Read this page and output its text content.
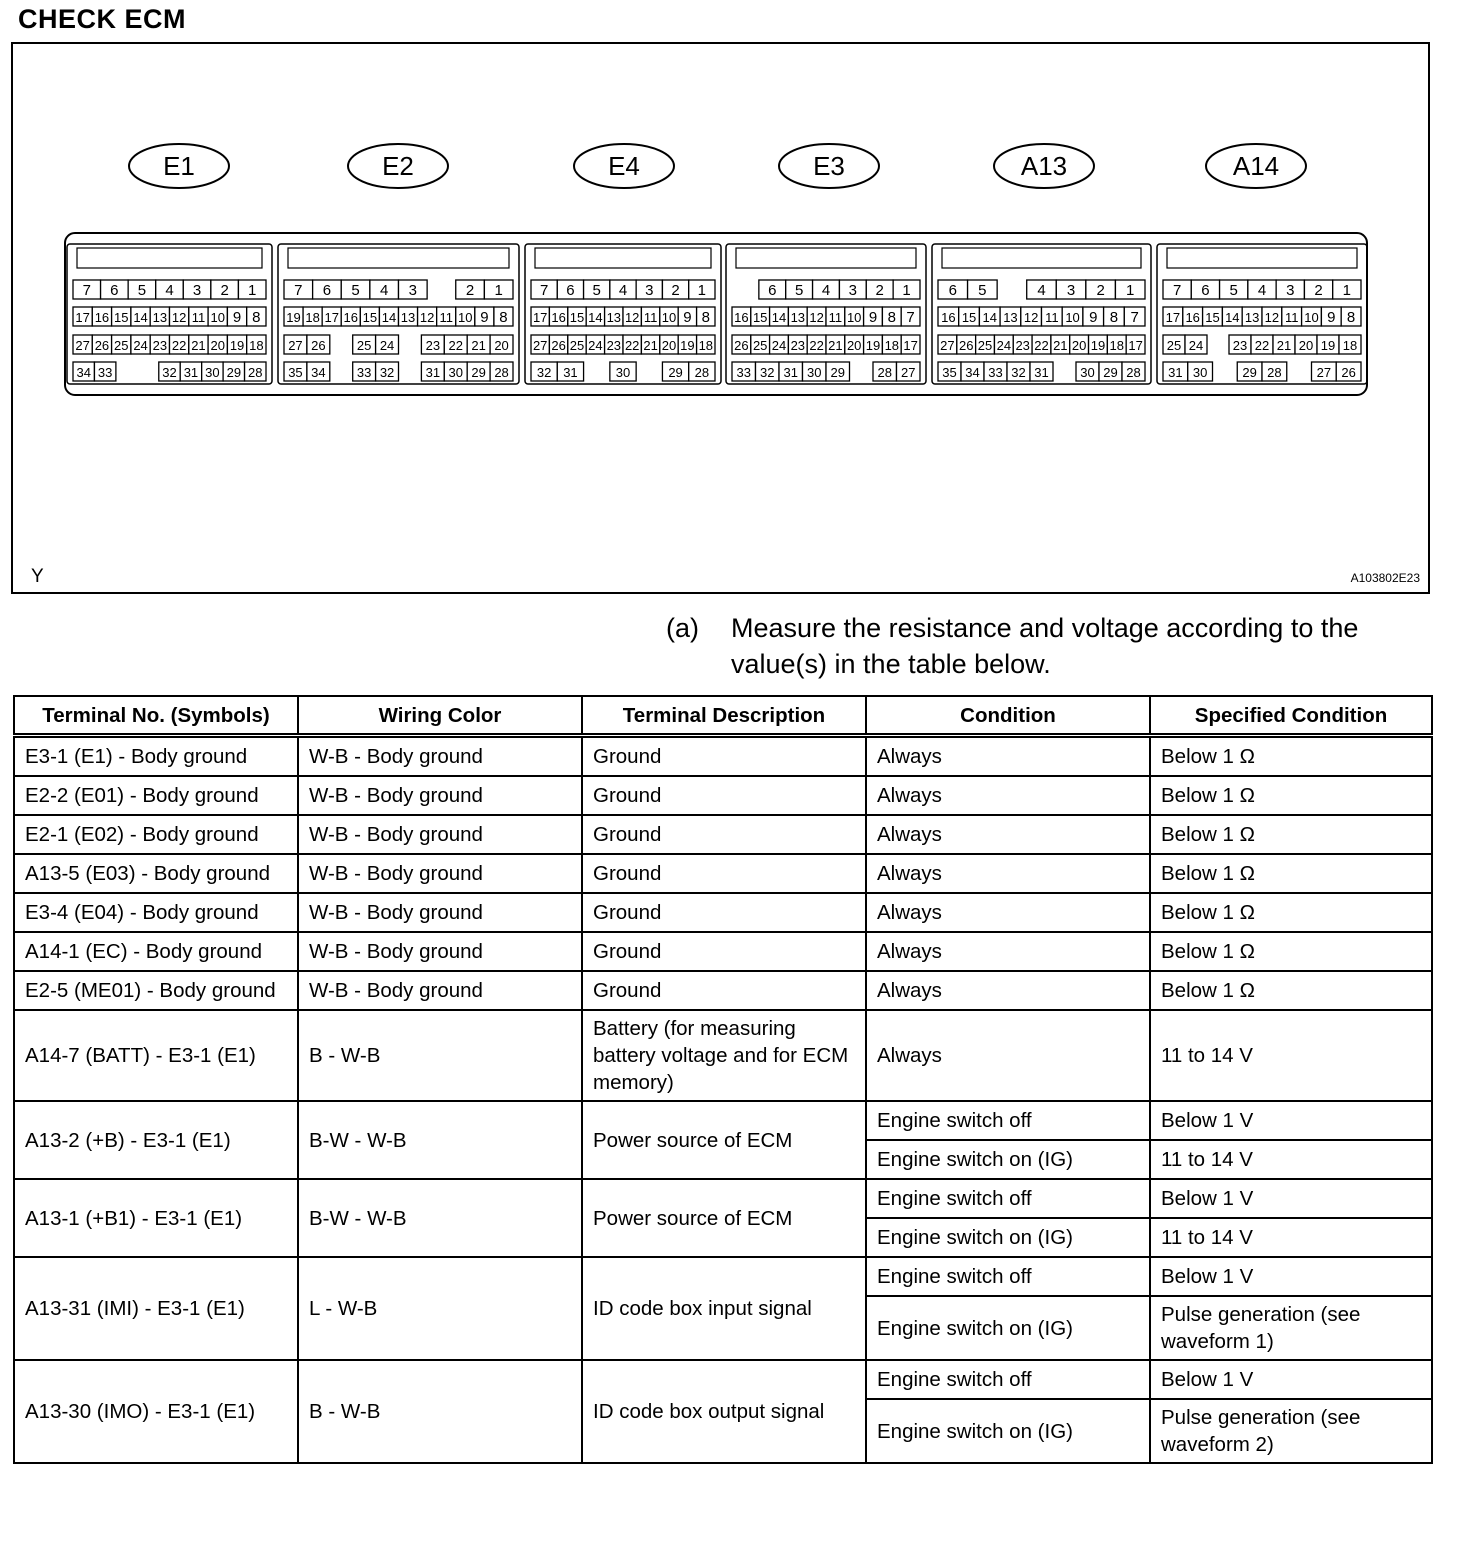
CHECK ECM
E1
7 6 5 4 3 2 1
17 16 15 14 13 12 11 10 9 8
27 26 25 24 23 22 21 20 19 18
34 33	32 31 30 29 28
E2
7 6 5 4 3	2 1
19 18 17 16 15 14 13 12 11 10 9 8
27 26 25 24 23 22 21 20
35 34 33 32 31 30 29 28
E4
7 6 5 4 3 2 1
17 16 15 14 13 12 11 10 9 8
27 26 25 24 23 22 21 20 19 18
32 31	30	29 28
E3
6 5 4 3 2 1
16 15 14 13 12 11 10 9 8 7
26 25 24 23 22 21 20 19 18 17
33 32 31 30 29	28 27
A13
6 5	4 3 2 1
16 15 14 13 12 11 10 9 8 7
27 26 25 24 23 22 21 20 19 18 17
35 34 33 32 31 30 29 28
A14
7 6 5 4 3 2 1
17 16 15 14 13 12 11 10 9 8
25 24 23 22 21 20 19 18
31 30	29 28	27 26
Y	A103802E23
(a) Measure the resistance and voltage according to the value(s) in the table below.
Terminal No. (Symbols)	Wiring Color	Terminal Description	Condition	Specified Condition
E3-1 (E1) - Body ground	W-B - Body ground	Ground	Always	Below 1 Ω
E2-2 (E01) - Body ground	W-B - Body ground	Ground	Always	Below 1 Ω
E2-1 (E02) - Body ground	W-B - Body ground	Ground	Always	Below 1 Ω
A13-5 (E03) - Body ground	W-B - Body ground	Ground	Always	Below 1 Ω
E3-4 (E04) - Body ground	W-B - Body ground	Ground	Always	Below 1 Ω
A14-1 (EC) - Body ground	W-B - Body ground	Ground	Always	Below 1 Ω
E2-5 (ME01) - Body ground	W-B - Body ground	Ground	Always	Below 1 Ω
A14-7 (BATT) - E3-1 (E1)	B - W-B	Battery (for measuring battery voltage and for ECM memory)	Always	11 to 14 V
A13-2 (+B) - E3-1 (E1)	B-W - W-B	Power source of ECM	Engine switch off	Below 1 V
			Engine switch on (IG)	11 to 14 V
A13-1 (+B1) - E3-1 (E1)	B-W - W-B	Power source of ECM	Engine switch off	Below 1 V
			Engine switch on (IG)	11 to 14 V
A13-31 (IMI) - E3-1 (E1)	L - W-B	ID code box input signal	Engine switch off	Below 1 V
			Engine switch on (IG)	Pulse generation (see waveform 1)
A13-30 (IMO) - E3-1 (E1)	B - W-B	ID code box output signal	Engine switch off	Below 1 V
			Engine switch on (IG)	Pulse generation (see waveform 2)
